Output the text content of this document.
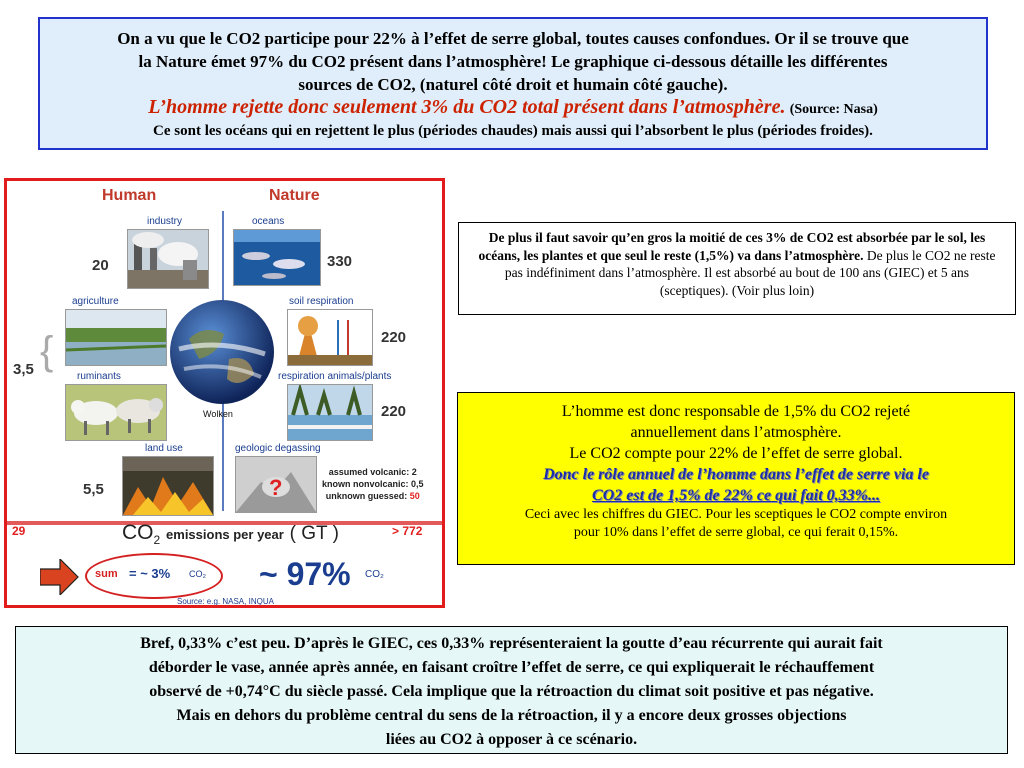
On a vu que le CO2 participe pour 22% à l’effet de serre global, toutes causes confondues. Or il se trouve que
la Nature émet 97% du CO2 présent dans l’atmosphère! Le graphique ci-dessous détaille les différentes
sources de CO2, (naturel côté droit et humain côté gauche).
L’homme rejette donc seulement 3% du CO2 total présent dans l’atmosphère. (Source: Nasa)
Ce sont les océans qui en rejettent le plus (périodes chaudes) mais aussi qui l’absorbent le plus (périodes froides).
Human	Nature
industry
20
agriculture
{
3,5	ruminants
land use
5,5
Wolken
oceans
330
soil respiration
220
respiration animals/plants
220
geologic degassing
?
assumed volcanic: 2
known nonvolcanic: 0,5
unknown guessed: 50
29	> 772
$CO_2$ emissions per year ( GT )
sum = ~ 3% CO₂ ~ 97% CO₂
Source: e.g. NASA, INQUA
De plus il faut savoir qu’en gros la moitié de ces 3% de CO2 est absorbée par le sol, les océans, les plantes et que seul le reste (1,5%) va dans l’atmosphère. De plus le CO2 ne reste pas indéfiniment dans l’atmosphère. Il est absorbé au bout de 100 ans (GIEC) et 5 ans (sceptiques). (Voir plus loin)
L’homme est donc responsable de 1,5% du CO2 rejeté
annuellement dans l’atmosphère.
Le CO2 compte pour 22% de l’effet de serre global.
Donc le rôle annuel de l’homme dans l’effet de serre via le
CO2 est de 1,5% de 22% ce qui fait 0,33%...
Ceci avec les chiffres du GIEC. Pour les sceptiques le CO2 compte environ
pour 10% dans l’effet de serre global, ce qui ferait 0,15%.
Bref, 0,33% c’est peu. D’après le GIEC, ces 0,33% représenteraient la goutte d’eau récurrente qui aurait fait
déborder le vase, année après année, en faisant croître l’effet de serre, ce qui expliquerait le réchauffement
observé de +0,74°C du siècle passé. Cela implique que la rétroaction du climat soit positive et pas négative.
Mais en dehors du problème central du sens de la rétroaction, il y a encore deux grosses objections
liées au CO2 à opposer à ce scénario.
